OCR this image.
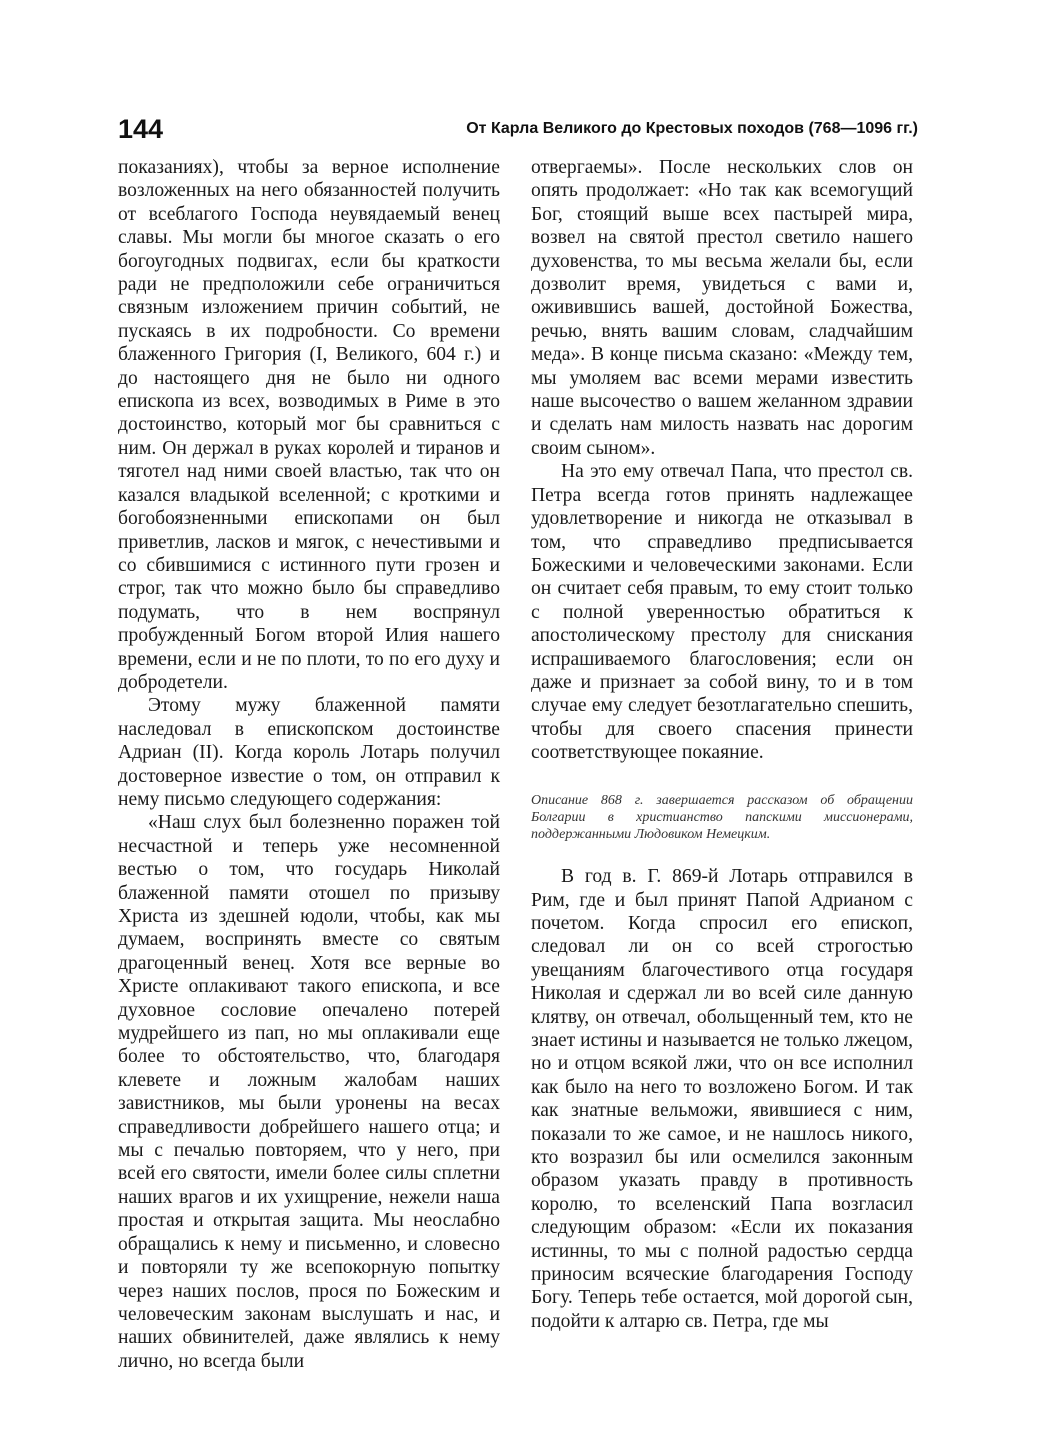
144	От Карла Великого до Крестовых походов (768—1096 гг.)

показаниях), чтобы за верное исполнение возложенных на него обязанностей получить от всеблагого Господа неувядаемый венец славы. Мы могли бы многое сказать о его богоугодных подвигах, если бы краткости ради не предположили себе ограничиться связным изложением причин событий, не пускаясь в их подробности. Со времени блаженного Григория (I, Великого, 604 г.) и до настоящего дня не было ни одного епископа из всех, возводимых в Риме в это достоинство, который мог бы сравниться с ним. Он держал в руках королей и тиранов и тяготел над ними своей властью, так что он казался владыкой вселенной; с кроткими и богобоязненными епископами он был приветлив, ласков и мягок, с нечестивыми и со сбившимися с истинного пути грозен и строг, так что можно было бы справедливо подумать, что в нем воспрянул пробужденный Богом второй Илия нашего времени, если и не по плоти, то по его духу и добродетели.

Этому мужу блаженной памяти наследовал в епископском достоинстве Адриан (II). Когда король Лотарь получил достоверное известие о том, он отправил к нему письмо следующего содержания:

«Наш слух был болезненно поражен той несчастной и теперь уже несомненной вестью о том, что государь Николай блаженной памяти отошел по призыву Христа из здешней юдоли, чтобы, как мы думаем, воспринять вместе со святым драгоценный венец. Хотя все верные во Христе оплакивают такого епископа, и все духовное сословие опечалено потерей мудрейшего из пап, но мы оплакивали еще более то обстоятельство, что, благодаря клевете и ложным жалобам наших завистников, мы были уронены на весах справедливости добрейшего нашего отца; и мы с печалью повторяем, что у него, при всей его святости, имели более силы сплетни наших врагов и их ухищрение, нежели наша простая и открытая защита. Мы неослабно обращались к нему и письменно, и словесно и повторяли ту же всепокорную попытку через наших послов, прося по Божеским и человеческим законам выслушать и нас, и наших обвинителей, даже являлись к нему лично, но всегда были

отвергаемы». После нескольких слов он опять продолжает: «Но так как всемогущий Бог, стоящий выше всех пастырей мира, возвел на святой престол светило нашего духовенства, то мы весьма желали бы, если дозволит время, увидеться с вами и, оживившись вашей, достойной Божества, речью, внять вашим словам, сладчайшим меда». В конце письма сказано: «Между тем, мы умоляем вас всеми мерами известить наше высочество о вашем желанном здравии и сделать нам милость назвать нас дорогим своим сыном».

На это ему отвечал Папа, что престол св. Петра всегда готов принять надлежащее удовлетворение и никогда не отказывал в том, что справедливо предписывается Божескими и человеческими законами. Если он считает себя правым, то ему стоит только с полной уверенностью обратиться к апостолическому престолу для снискания испрашиваемого благословения; если он даже и признает за собой вину, то и в том случае ему следует безотлагательно спешить, чтобы для своего спасения принести соответствующее покаяние.

Описание 868 г. завершается рассказом об обращении Болгарии в христианство папскими миссионерами, поддержанными Людовиком Немецким.

В год в. Г. 869-й Лотарь отправился в Рим, где и был принят Папой Адрианом с почетом. Когда спросил его епископ, следовал ли он со всей строгостью увещаниям благочестивого отца государя Николая и сдержал ли во всей силе данную клятву, он отвечал, обольщенный тем, кто не знает истины и называется не только лжецом, но и отцом всякой лжи, что он все исполнил как было на него то возложено Богом. И так как знатные вельможи, явившиеся с ним, показали то же самое, и не нашлось никого, кто возразил бы или осмелился законным образом указать правду в противность королю, то вселенский Папа возгласил следующим образом: «Если их показания истинны, то мы с полной радостью сердца приносим всяческие благодарения Господу Богу. Теперь тебе остается, мой дорогой сын, подойти к алтарю св. Петра, где мы
